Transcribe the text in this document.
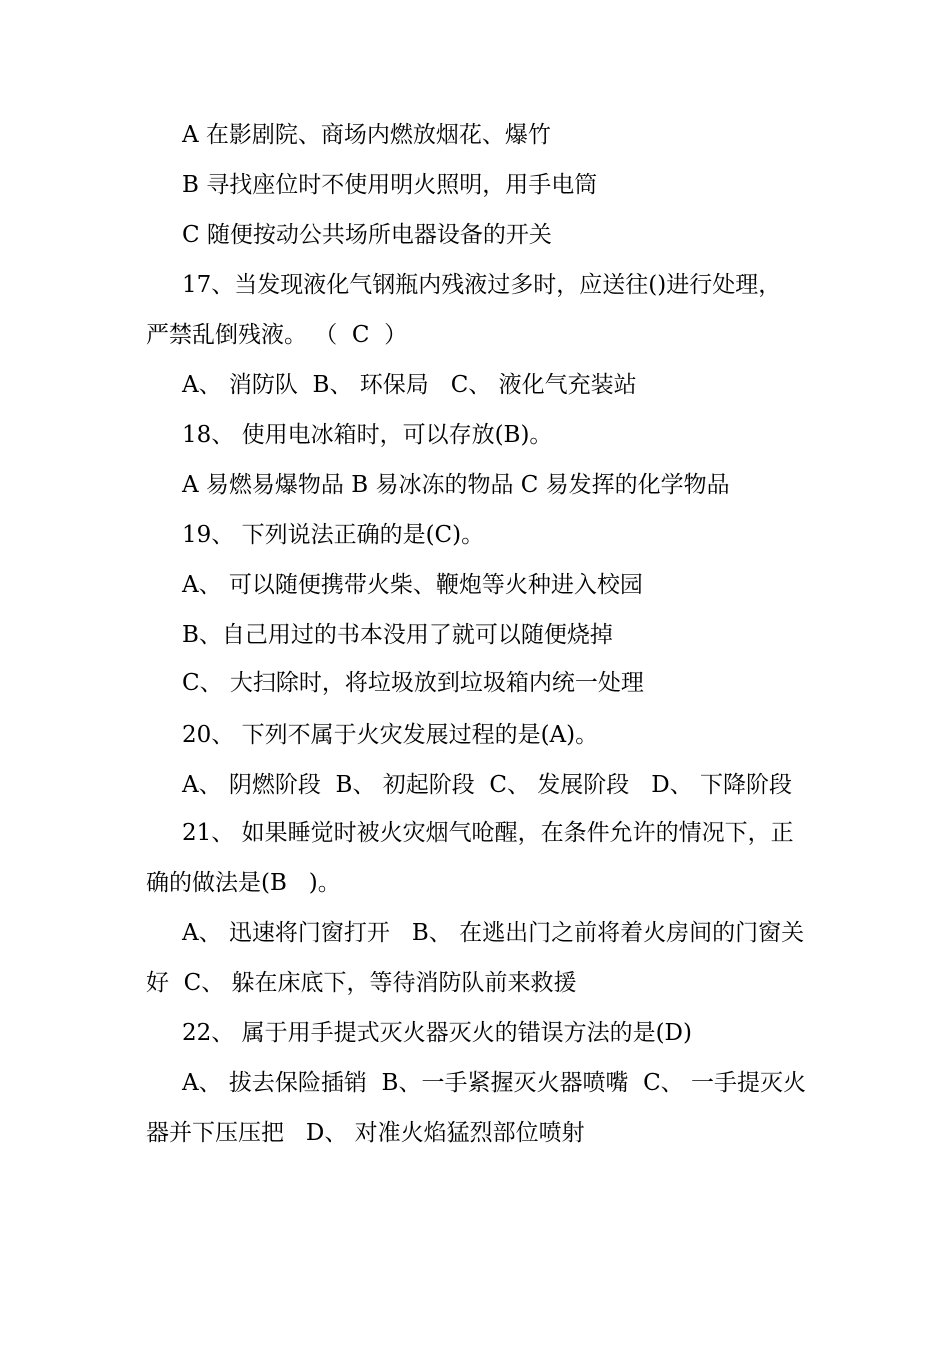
A 在影剧院、商场内燃放烟花、爆竹
B 寻找座位时不使用明火照明，用手电筒
C 随便按动公共场所电器设备的开关
17、当发现液化气钢瓶内残液过多时，应送往()进行处理，
严禁乱倒残液。 （  C  ）
A、 消防队  B、 环保局   C、 液化气充装站
18、 使用电冰箱时，可以存放(B)。
A 易燃易爆物品 B 易冰冻的物品 C 易发挥的化学物品
19、 下列说法正确的是(C)。
A、 可以随便携带火柴、鞭炮等火种进入校园
B、自己用过的书本没用了就可以随便烧掉
C、 大扫除时，将垃圾放到垃圾箱内统一处理
20、 下列不属于火灾发展过程的是(A)。
A、 阴燃阶段  B、 初起阶段  C、 发展阶段   D、 下降阶段
21、 如果睡觉时被火灾烟气呛醒，在条件允许的情况下，正
确的做法是(B   )。
A、 迅速将门窗打开   B、 在逃出门之前将着火房间的门窗关
好  C、 躲在床底下，等待消防队前来救援
22、 属于用手提式灭火器灭火的错误方法的是(D)
A、 拔去保险插销  B、一手紧握灭火器喷嘴  C、 一手提灭火
器并下压压把   D、 对准火焰猛烈部位喷射
